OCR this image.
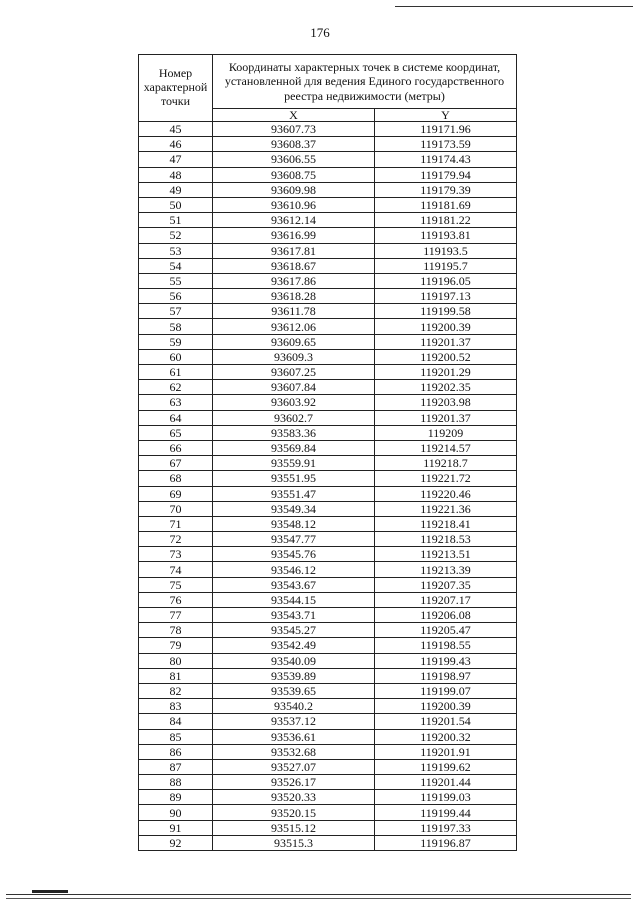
176
Номер характерной точки	Координаты характерных точек в системе координат, установленной для ведения Единого государственного реестра недвижимости (метры)	
	X	Y
45	93607.73	119171.96
46	93608.37	119173.59
47	93606.55	119174.43
48	93608.75	119179.94
49	93609.98	119179.39
50	93610.96	119181.69
51	93612.14	119181.22
52	93616.99	119193.81
53	93617.81	119193.5
54	93618.67	119195.7
55	93617.86	119196.05
56	93618.28	119197.13
57	93611.78	119199.58
58	93612.06	119200.39
59	93609.65	119201.37
60	93609.3	119200.52
61	93607.25	119201.29
62	93607.84	119202.35
63	93603.92	119203.98
64	93602.7	119201.37
65	93583.36	119209
66	93569.84	119214.57
67	93559.91	119218.7
68	93551.95	119221.72
69	93551.47	119220.46
70	93549.34	119221.36
71	93548.12	119218.41
72	93547.77	119218.53
73	93545.76	119213.51
74	93546.12	119213.39
75	93543.67	119207.35
76	93544.15	119207.17
77	93543.71	119206.08
78	93545.27	119205.47
79	93542.49	119198.55
80	93540.09	119199.43
81	93539.89	119198.97
82	93539.65	119199.07
83	93540.2	119200.39
84	93537.12	119201.54
85	93536.61	119200.32
86	93532.68	119201.91
87	93527.07	119199.62
88	93526.17	119201.44
89	93520.33	119199.03
90	93520.15	119199.44
91	93515.12	119197.33
92	93515.3	119196.87
